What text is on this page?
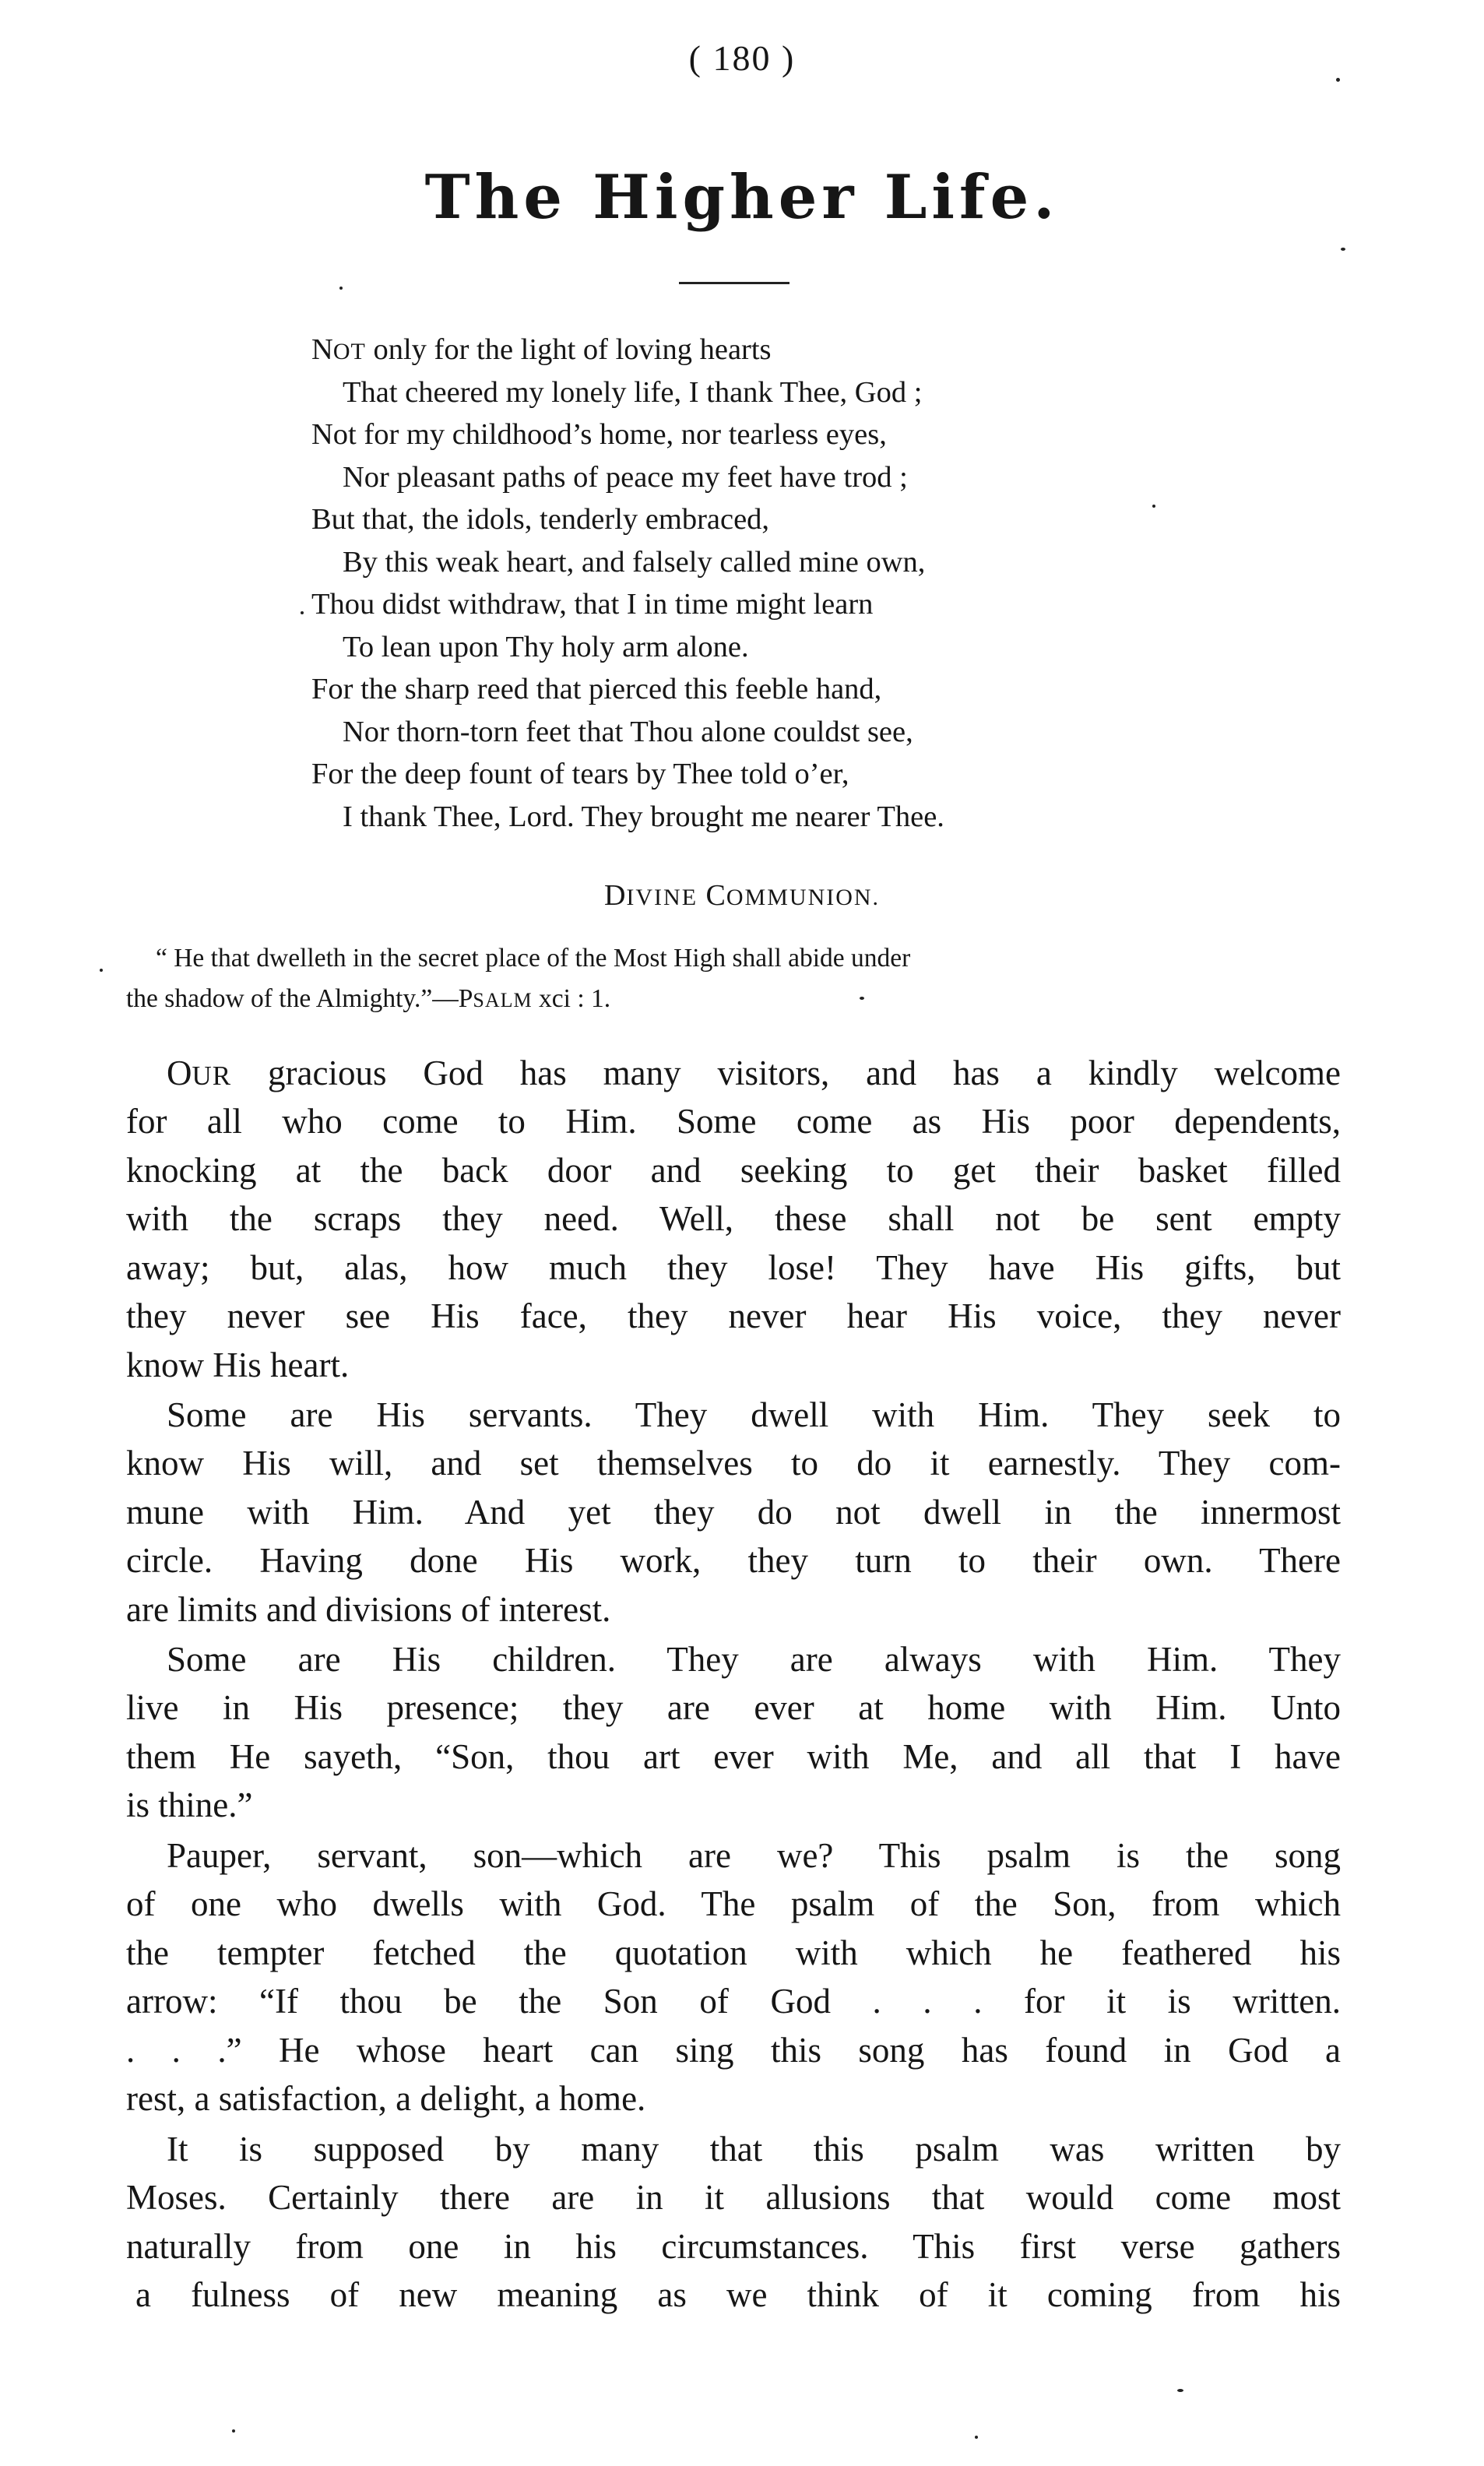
( 180 )
The Higher Life.
NOT only for the light of loving hearts
That cheered my lonely life, I thank Thee, God ;
Not for my childhood’s home, nor tearless eyes,
Nor pleasant paths of peace my feet have trod ;
But that, the idols, tenderly embraced,
By this weak heart, and falsely called mine own,
Thou didst withdraw, that I in time might learn
To lean upon Thy holy arm alone.
For the sharp reed that pierced this feeble hand,
Nor thorn-torn feet that Thou alone couldst see,
For the deep fount of tears by Thee told o’er,
I thank Thee, Lord. They brought me nearer Thee.
DIVINE COMMUNION.
“ He that dwelleth in the secret place of the Most High shall abide under
the shadow of the Almighty.”—PSALM xci : 1.
OUR gracious God has many visitors, and has a kindly welcome
for all who come to Him. Some come as His poor dependents,
knocking at the back door and seeking to get their basket filled
with the scraps they need. Well, these shall not be sent empty
away; but, alas, how much they lose! They have His gifts, but
they never see His face, they never hear His voice, they never
know His heart.
Some are His servants. They dwell with Him. They seek to
know His will, and set themselves to do it earnestly. They com-
mune with Him. And yet they do not dwell in the innermost
circle. Having done His work, they turn to their own. There
are limits and divisions of interest.
Some are His children. They are always with Him. They
live in His presence; they are ever at home with Him. Unto
them He sayeth, “Son, thou art ever with Me, and all that I have
is thine.”
Pauper, servant, son—which are we? This psalm is the song
of one who dwells with God. The psalm of the Son, from which
the tempter fetched the quotation with which he feathered his
arrow: “If thou be the Son of God . . . for it is written.
. . .” He whose heart can sing this song has found in God a
rest, a satisfaction, a delight, a home.
It is supposed by many that this psalm was written by
Moses. Certainly there are in it allusions that would come most
naturally from one in his circumstances. This first verse gathers
a fulness of new meaning as we think of it coming from his
